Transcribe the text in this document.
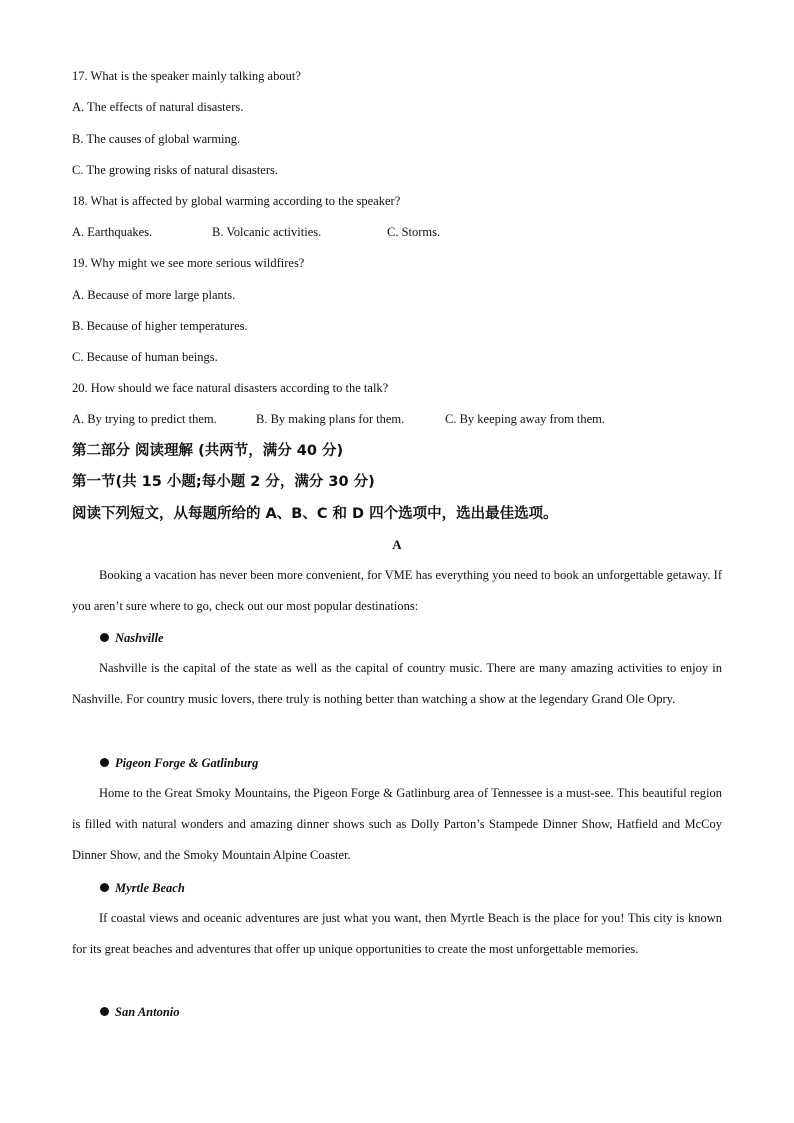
17. What is the speaker mainly talking about?
A. The effects of natural disasters.
B. The causes of global warming.
C. The growing risks of natural disasters.
18. What is affected by global warming according to the speaker?
A. Earthquakes.	B. Volcanic activities.	C. Storms.
19. Why might we see more serious wildfires?
A. Because of more large plants.
B. Because of higher temperatures.
C. Because of human beings.
20. How should we face natural disasters according to the talk?
A. By trying to predict them.	B. By making plans for them.	C. By keeping away from them.
第二部分 阅读理解 (共两节，满分 40 分)
第一节(共 15 小题;每小题 2 分，满分 30 分)
阅读下列短文，从每题所给的 A、B、C 和 D 四个选项中，选出最佳选项。
A
Booking a vacation has never been more convenient, for VME has everything you need to book an unforgettable getaway. If you aren’t sure where to go, check out our most popular destinations:
Nashville
Nashville is the capital of the state as well as the capital of country music. There are many amazing activities to enjoy in Nashville. For country music lovers, there truly is nothing better than watching a show at the legendary Grand Ole Opry.
Pigeon Forge & Gatlinburg
Home to the Great Smoky Mountains, the Pigeon Forge & Gatlinburg area of Tennessee is a must-see. This beautiful region is filled with natural wonders and amazing dinner shows such as Dolly Parton’s Stampede Dinner Show, Hatfield and McCoy Dinner Show, and the Smoky Mountain Alpine Coaster.
Myrtle Beach
If coastal views and oceanic adventures are just what you want, then Myrtle Beach is the place for you! This city is known for its great beaches and adventures that offer up unique opportunities to create the most unforgettable memories.
San Antonio
